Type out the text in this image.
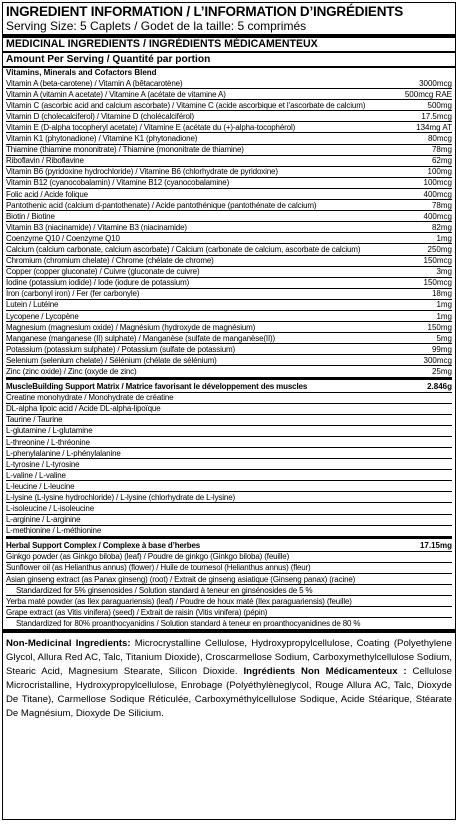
INGREDIENT INFORMATION / L’INFORMATION D’INGRÉDIENTS
Serving Size: 5 Caplets / Godet de la taille: 5 comprimés
MEDICINAL INGREDIENTS / INGRÉDIENTS MÉDICAMENTEUX
Amount Per Serving / Quantité par portion
Vitamins, Minerals and Cofactors Blend
Vitamin A (beta-carotene) / Vitamin A (bêtacarotène)	3000mcg
Vitamin A (vitamin A acetate) / Vitamine A (acétate de vitamine A)	500mcg RAE
Vitamin C (ascorbic acid and calcium ascorbate) / Vitamine C (acide ascorbique et l’ascorbate de calcium)	500mg
Vitamin D (cholecalciferol) / Vitamine D (cholécalciférol)	17.5mcg
Vitamin E (D-alpha tocopheryl acetate) / Vitamine E (acétate du (+)-alpha-tocophérol)	134mg AT
Vitamin K1 (phytonadione) / Vitamine K1 (phytonadione)	80mcg
Thiamine (thiamine mononitrate) / Thiamine (mononitrate de thiamine)	78mg
Riboflavin / Riboflavine	62mg
Vitamin B6 (pyridoxine hydrochloride) / Vitamine B6 (chlorhydrate de pyridoxine)	100mg
Vitamin B12 (cyanocobalamin) / Vitamine B12 (cyanocobalamine)	100mcg
Folic acid / Acide folique	400mcg
Pantothenic acid (calcium d-pantothenate) / Acide pantothénique (pantothénate de calcium)	78mg
Biotin / Biotine	400mcg
Vitamin B3 (niacinamide) / Vitamine B3 (niacinamide)	82mg
Coenzyme Q10 / Coenzyme Q10	1mg
Calcium (calcium carbonate, calcium ascorbate) / Calcium (carbonate de calcium, ascorbate de calcium)	250mg
Chromium (chromium chelate) / Chrome (chélate de chrome)	150mcg
Copper (copper gluconate) / Cuivre (gluconate de cuivre)	3mg
Iodine (potassium iodide) / Iode (iodure de potassium)	150mcg
Iron (carbonyl iron) / Fer (fer carbonyle)	18mg
Lutein / Lutéine	1mg
Lycopene / Lycopène	1mg
Magnesium (magnesium oxide) / Magnésium (hydroxyde de magnésium)	150mg
Manganese (manganese (II) sulphate) / Manganèse (sulfate de manganèse(II))	5mg
Potassium (potassium sulphate) / Potassium (sulfate de potassium)	99mg
Selenium (selenium chelate) / Sélénium (chélate de sélénium)	300mcg
Zinc (zinc oxide) / Zinc (oxyde de zinc)	25mg
MuscleBuilding Support Matrix / Matrice favorisant le développement des muscles	2.846g
Creatine monohydrate / Monohydrate de créatine
DL-alpha lipoic acid / Acide DL-alpha-lipoïque
Taurine / Taurine
L-glutamine / L-glutamine
L-threonine / L-thréonine
L-phenylalanine / L-phénylalanine
L-tyrosine / L-tyrosine
L-valine / L-valine
L-leucine / L-leucine
L-lysine (L-lysine hydrochloride) / L-lysine (chlorhydrate de L-lysine)
L-isoleucine / L-isoleucine
L-arginine / L-arginine
L-methionine / L-méthionine
Herbal Support Complex / Complexe à base d’herbes	17.15mg
Ginkgo powder (as Ginkgo biloba) (leaf) / Poudre de ginkgo (Ginkgo biloba) (feuille)
Sunflower oil (as Helianthus annus) (flower) / Huile de tournesol (Helianthus annus) (fleur)
Asian ginseng extract (as Panax ginseng) (root) / Extrait de ginseng asiatique (Ginseng panax) (racine)
Standardized for 5% ginsenosides / Solution standard à teneur en ginsénosides de 5 %
Yerba maté powder (as Ilex paraguariensis) (leaf) / Poudre de houx maté (Ilex paraguariensis) (feuille)
Grape extract (as Vitis vinifera) (seed) / Extrait de raisin (Vitis vinifera) (pépin)
Standardized for 80% proanthocyanidins / Solution standard à teneur en proanthocyanidines de 80 %
Non-Medicinal Ingredients: Microcrystalline Cellulose, Hydroxypropylcellulose, Coating (Polyethylene Glycol, Allura Red AC, Talc, Titanium Dioxide), Croscarmellose Sodium, Carboxymethylcellulose Sodium, Stearic Acid, Magnesium Stearate, Silicon Dioxide. Ingrédients Non Médicamenteux : Cellulose Microcristalline, Hydroxypropylcellulose, Enrobage (Polyéthylèneglycol, Rouge Allura AC, Talc, Dioxyde De Titane), Carmellose Sodique Réticulée, Carboxyméthylcellulose Sodique, Acide Stéarique, Stéarate De Magnésium, Dioxyde De Silicium.
